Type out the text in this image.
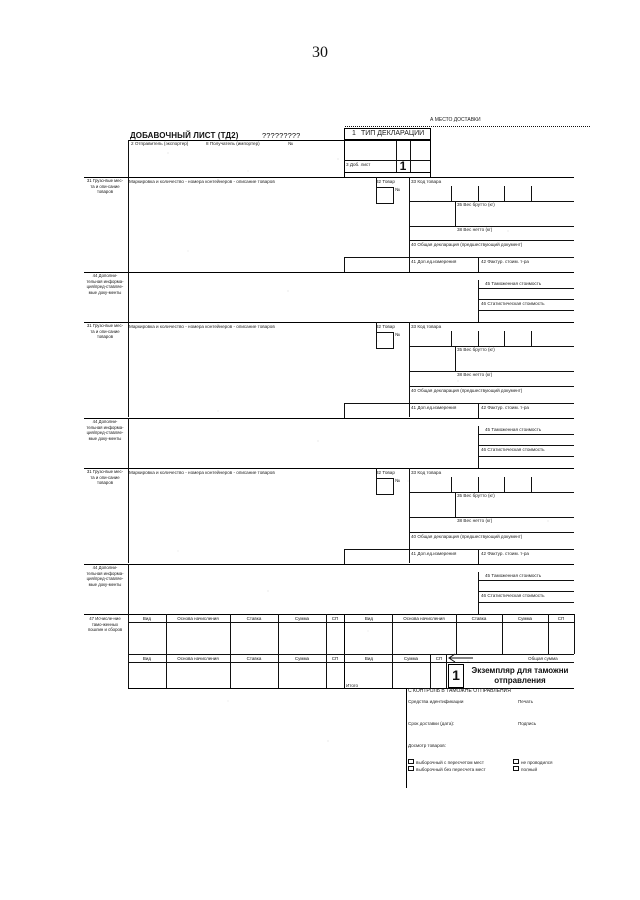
30
А МЕСТО ДОСТАВКИ
ДОБАВОЧНЫЙ ЛИСТ (ТД2)	?????????	1 ТИП ДЕКЛАРАЦИИ
2 Отправитель (экспортер)	8 Получатель (импортер)	№
3 Доб. лист	1
31 Грузо-вые мес-та и опи-сание товаров
Маркировка и количество - номера контейнеров - описание товаров	32 Товар
№
33 Код товара
35 Вес брутто (кг)
38 Вес нетто (кг)
40 Общая декларация (предшествующий документ)
41 Доп.ед.измерения	42 Фактур. стоим. т-ра
44 Дополни-тельная информа-ция/пред-ставляе-мые доку-менты
45 Таможенная стоимость
46 Статистическая стоимость
31 Грузо-вые мес-та и опи-сание товаров
Маркировка и количество - номера контейнеров - описание товаров	32 Товар
№
33 Код товара
35 Вес брутто (кг)
38 Вес нетто (кг)
40 Общая декларация (предшествующий документ)
41 Доп.ед.измерения	42 Фактур. стоим. т-ра
44 Дополни-тельная информа-ция/пред-ставляе-мые доку-менты
45 Таможенная стоимость
46 Статистическая стоимость
31 Грузо-вые мес-та и опи-сание товаров
Маркировка и количество - номера контейнеров - описание товаров	32 Товар
№
33 Код товара
35 Вес брутто (кг)
38 Вес нетто (кг)
40 Общая декларация (предшествующий документ)
41 Доп.ед.измерения	42 Фактур. стоим. т-ра
44 Дополни-тельная информа-ция/пред-ставляе-мые доку-менты
45 Таможенная стоимость
46 Статистическая стоимость
47 Исчисле-ние тамо-женных пошлин и сборов
Вид	Основа начисления	Ставка	Сумма	СП	Вид	Основа начисления	Ставка	Сумма	СП
Вид	Основа начисления	Ставка	Сумма	СП	Вид	Сумма	СП	Общая сумма
Итого
1	Экземпляр для таможни отправления
С КОНТРОЛЬ В ТАМОЖНЕ ОТПРАВЛЕНИЯ
Средства идентификации	Печать
Срок доставки (дата):	Подпись
Досмотр товаров:
выборочный с пересчетом мест	не проводился
выборочный без пересчета мест	полный
